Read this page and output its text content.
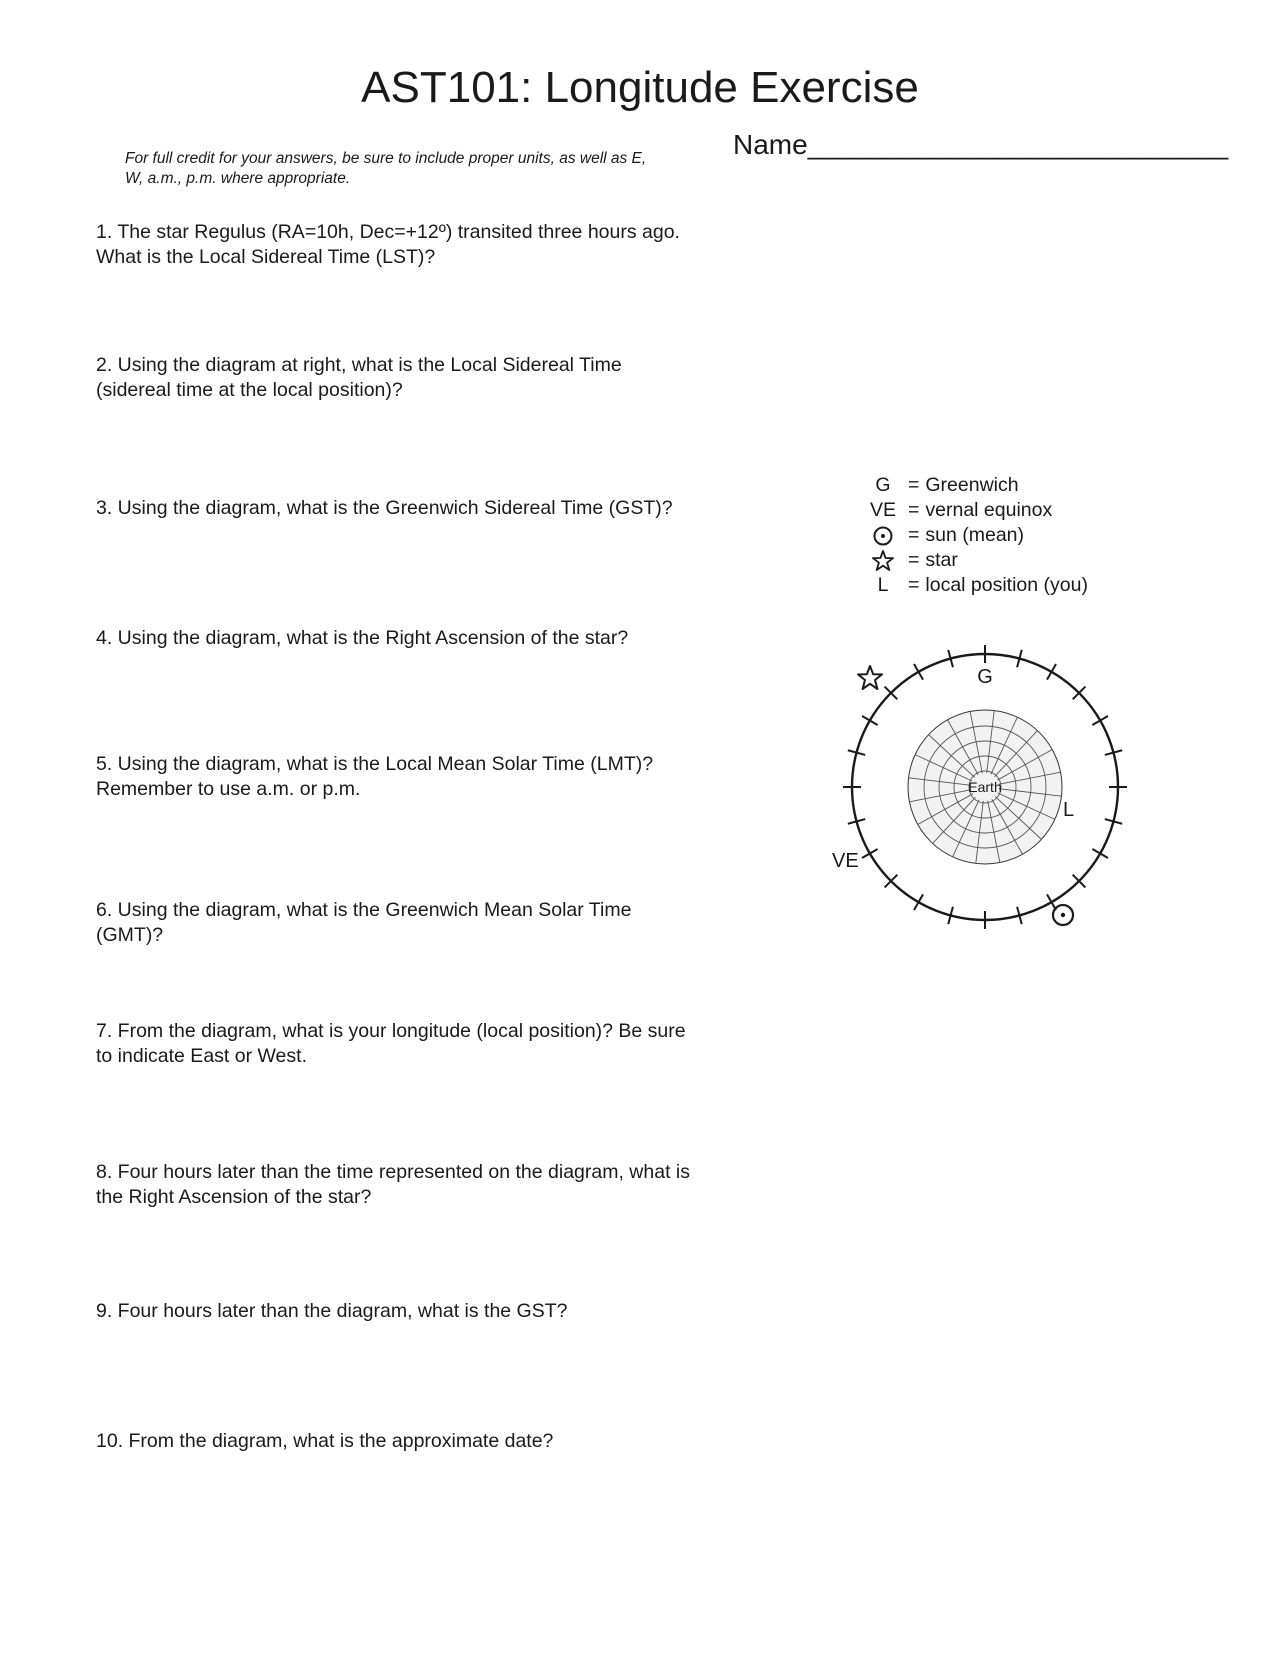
AST101: Longitude Exercise
Name___________________________

For full credit for your answers, be sure to include proper units, as well as E, W, a.m., p.m. where appropriate.

1. The star Regulus (RA=10h, Dec=+12º) transited three hours ago. What is the Local Sidereal Time (LST)?

2. Using the diagram at right, what is the Local Sidereal Time (sidereal time at the local position)?

3. Using the diagram, what is the Greenwich Sidereal Time (GST)?

4. Using the diagram, what is the Right Ascension of the star?

5. Using the diagram, what is the Local Mean Solar Time (LMT)? Remember to use a.m. or p.m.

6. Using the diagram, what is the Greenwich Mean Solar Time (GMT)?

7. From the diagram, what is your longitude (local position)? Be sure to indicate East or West.

8. Four hours later than the time represented on the diagram, what is the Right Ascension of the star?

9. Four hours later than the diagram, what is the GST?

10. From the diagram, what is the approximate date?

G = Greenwich
VE = vernal equinox
= sun (mean)
= star
L	= local position (you)
Earth
G
L
VE
